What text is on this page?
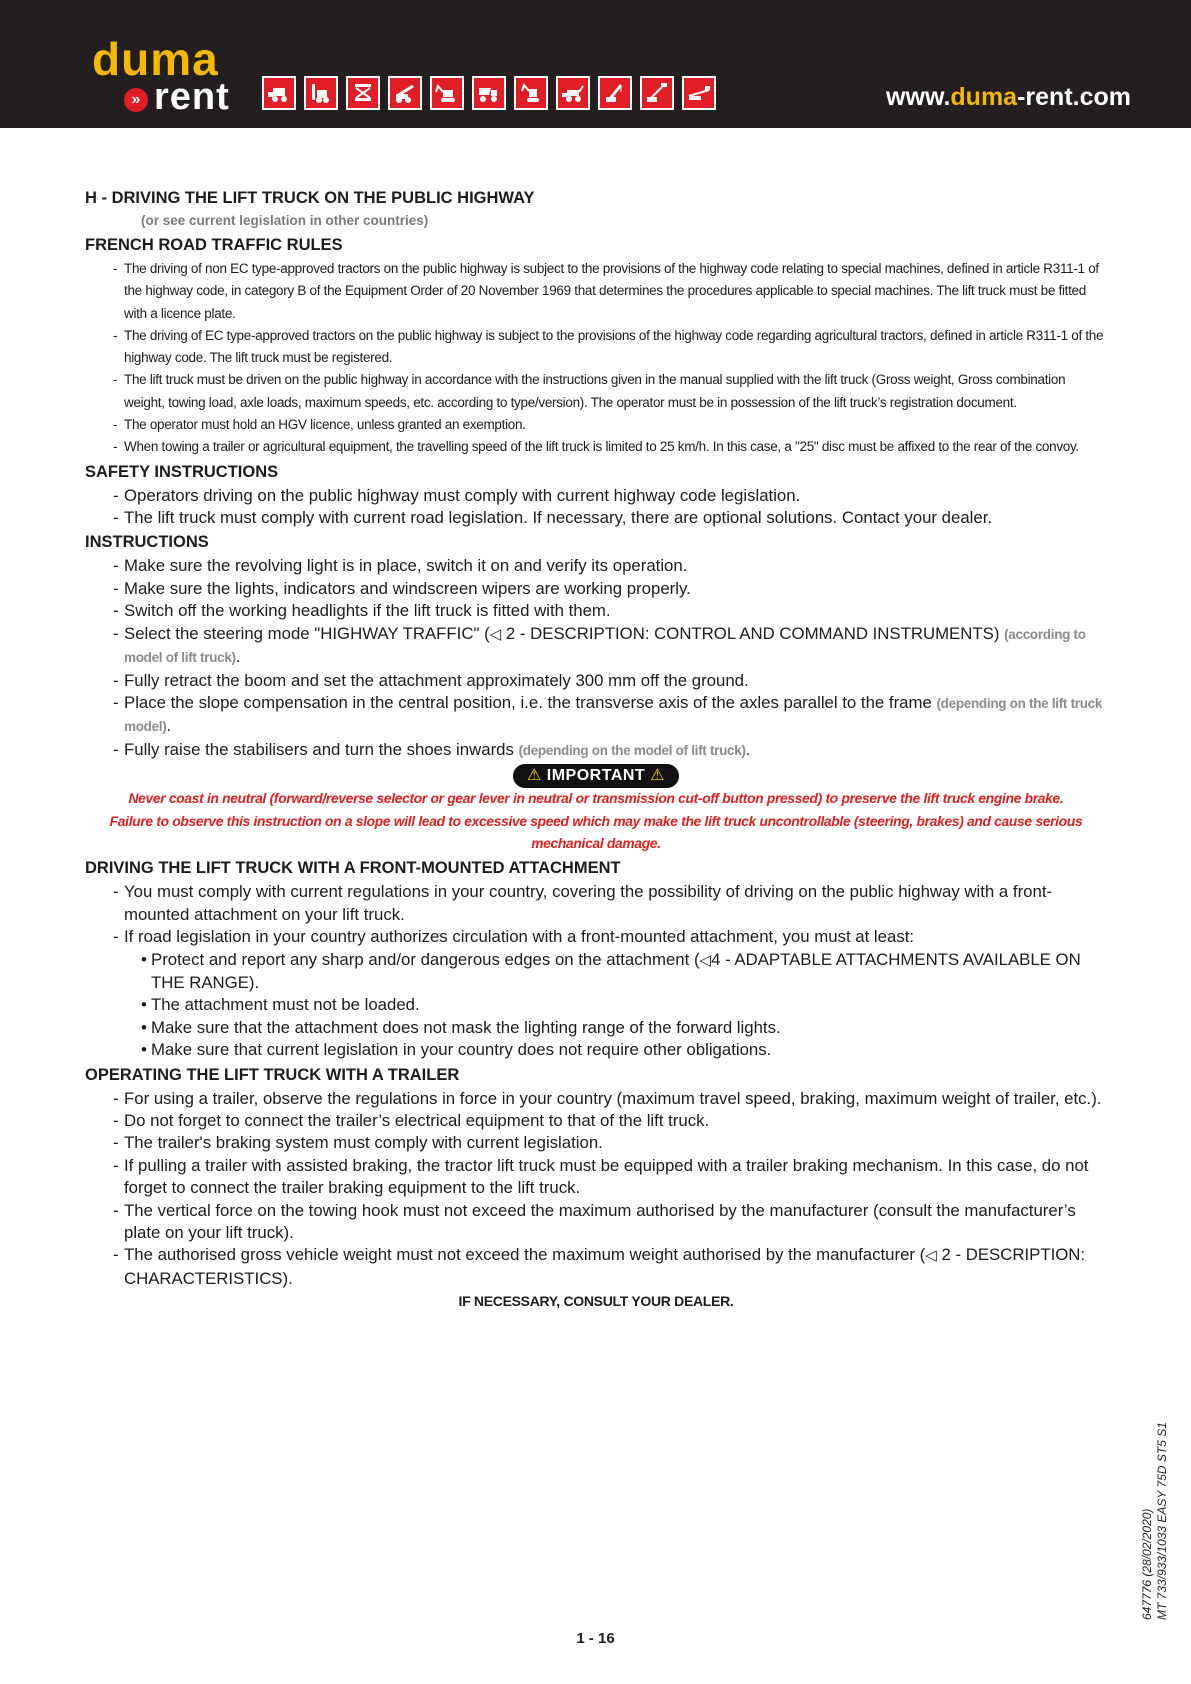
duma
» rent	www.duma-rent.com
H - DRIVING THE LIFT TRUCK ON THE PUBLIC HIGHWAY
(or see current legislation in other countries)
FRENCH ROAD TRAFFIC RULES
- The driving of non EC type-approved tractors on the public highway is subject to the provisions of the highway code relating to special machines, defined in article R311-1 of the highway code, in category B of the Equipment Order of 20 November 1969 that determines the procedures applicable to special machines. The lift truck must be fitted with a licence plate.
- The driving of EC type-approved tractors on the public highway is subject to the provisions of the highway code regarding agricultural tractors, defined in article R311-1 of the highway code. The lift truck must be registered.
- The lift truck must be driven on the public highway in accordance with the instructions given in the manual supplied with the lift truck (Gross weight, Gross combination weight, towing load, axle loads, maximum speeds, etc. according to type/version). The operator must be in possession of the lift truck’s registration document.
- The operator must hold an HGV licence, unless granted an exemption.
- When towing a trailer or agricultural equipment, the travelling speed of the lift truck is limited to 25 km/h. In this case, a "25" disc must be affixed to the rear of the convoy.
SAFETY INSTRUCTIONS
- Operators driving on the public highway must comply with current highway code legislation.
- The lift truck must comply with current road legislation. If necessary, there are optional solutions. Contact your dealer.
INSTRUCTIONS
- Make sure the revolving light is in place, switch it on and verify its operation.
- Make sure the lights, indicators and windscreen wipers are working properly.
- Switch off the working headlights if the lift truck is fitted with them.
- Select the steering mode "HIGHWAY TRAFFIC" (◁ 2 - DESCRIPTION: CONTROL AND COMMAND INSTRUMENTS) (according to model of lift truck).
- Fully retract the boom and set the attachment approximately 300 mm off the ground.
- Place the slope compensation in the central position, i.e. the transverse axis of the axles parallel to the frame (depending on the lift truck model).
- Fully raise the stabilisers and turn the shoes inwards (depending on the model of lift truck).
⚠ IMPORTANT ⚠

Never coast in neutral (forward/reverse selector or gear lever in neutral or transmission cut-off button pressed) to preserve the lift truck engine brake.

Failure to observe this instruction on a slope will lead to excessive speed which may make the lift truck uncontrollable (steering, brakes) and cause serious mechanical damage.

DRIVING THE LIFT TRUCK WITH A FRONT-MOUNTED ATTACHMENT
- You must comply with current regulations in your country, covering the possibility of driving on the public highway with a front-mounted attachment on your lift truck.
- If road legislation in your country authorizes circulation with a front-mounted attachment, you must at least:
• Protect and report any sharp and/or dangerous edges on the attachment (◁4 - ADAPTABLE ATTACHMENTS AVAILABLE ON THE RANGE).
• The attachment must not be loaded.
• Make sure that the attachment does not mask the lighting range of the forward lights.
• Make sure that current legislation in your country does not require other obligations.
OPERATING THE LIFT TRUCK WITH A TRAILER
- For using a trailer, observe the regulations in force in your country (maximum travel speed, braking, maximum weight of trailer, etc.).
- Do not forget to connect the trailer’s electrical equipment to that of the lift truck.
- The trailer's braking system must comply with current legislation.
- If pulling a trailer with assisted braking, the tractor lift truck must be equipped with a trailer braking mechanism. In this case, do not forget to connect the trailer braking equipment to the lift truck.
- The vertical force on the towing hook must not exceed the maximum authorised by the manufacturer (consult the manufacturer’s plate on your lift truck).
- The authorised gross vehicle weight must not exceed the maximum weight authorised by the manufacturer (◁ 2 - DESCRIPTION: CHARACTERISTICS).

IF NECESSARY, CONSULT YOUR DEALER.

647776 (28/02/2020) MT 733/933/1033 EASY 75D ST5 S1
1 - 16
